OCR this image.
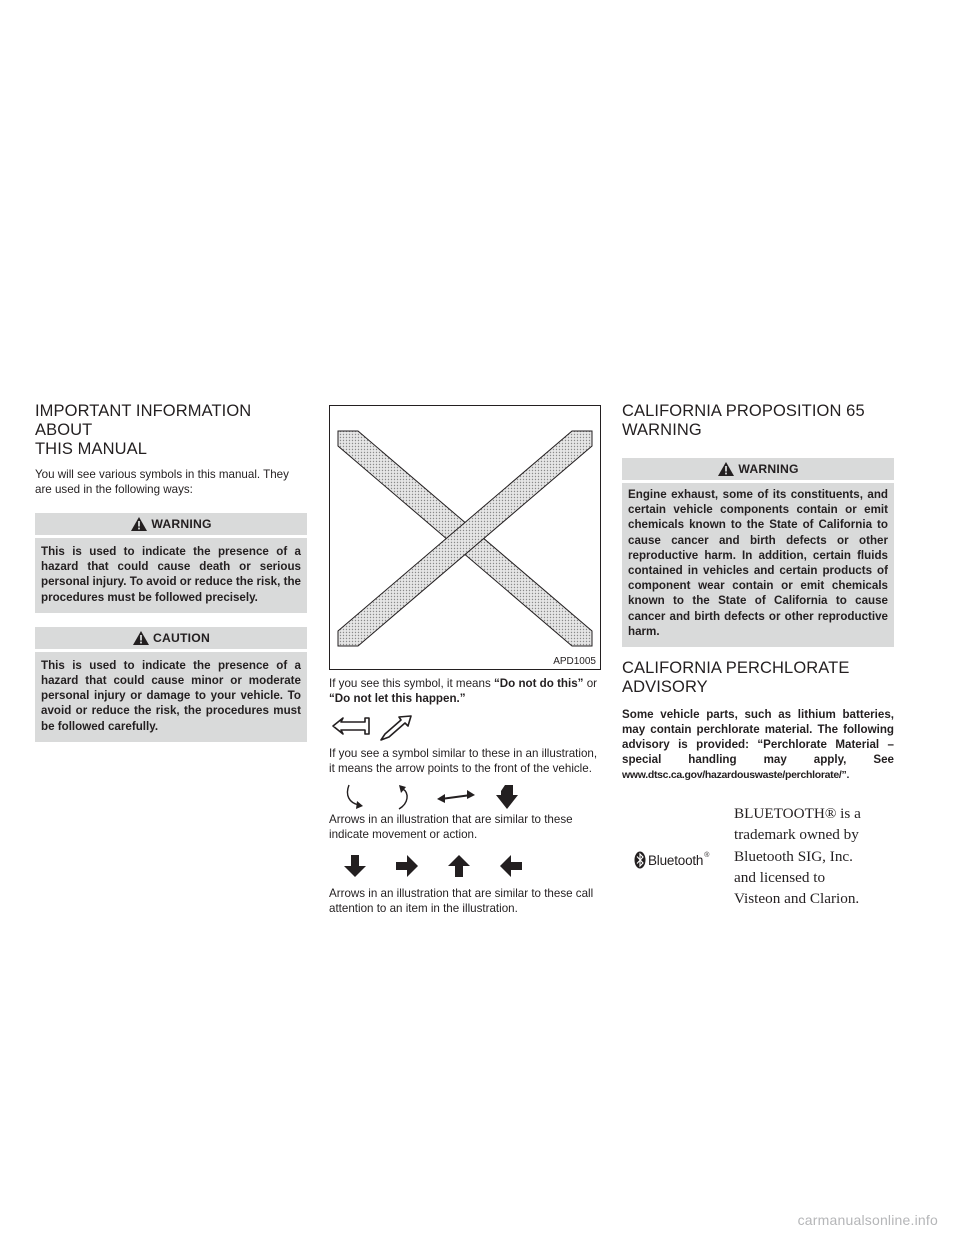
IMPORTANT INFORMATION ABOUT
THIS MANUAL

You will see various symbols in this manual. They are used in the following ways:

WARNING
This is used to indicate the presence of a hazard that could cause death or serious personal injury. To avoid or reduce the risk, the procedures must be followed precisely.
CAUTION
This is used to indicate the presence of a hazard that could cause minor or moderate personal injury or damage to your vehicle. To avoid or reduce the risk, the procedures must be followed carefully.
APD1005

If you see this symbol, it means “Do not do this” or “Do not let this happen.”

If you see a symbol similar to these in an illustration, it means the arrow points to the front of the vehicle.

Arrows in an illustration that are similar to these indicate movement or action.

Arrows in an illustration that are similar to these call attention to an item in the illustration.

CALIFORNIA PROPOSITION 65
WARNING
WARNING
Engine exhaust, some of its constituents, and certain vehicle components contain or emit chemicals known to the State of California to cause cancer and birth defects or other reproductive harm. In addition, certain fluids contained in vehicles and certain products of component wear contain or emit chemicals known to the State of California to cause cancer and birth defects or other reproductive harm.
CALIFORNIA PERCHLORATE
ADVISORY

Some vehicle parts, such as lithium batteries, may contain perchlorate material. The following advisory is provided: “Perchlorate Material – special handling may apply, See www.dtsc.ca.gov/hazardouswaste/perchlorate/”.

Bluetooth ®
BLUETOOTH® is a
trademark owned by
Bluetooth SIG, Inc.
and licensed to
Visteon and Clarion.
carmanualsonline.info
